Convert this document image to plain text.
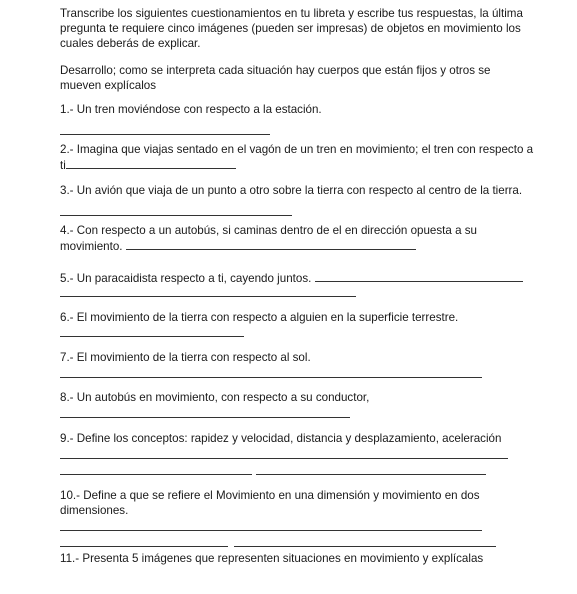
Transcribe los siguientes cuestionamientos en tu libreta y escribe tus respuestas, la última pregunta te requiere cinco imágenes (pueden ser impresas) de objetos en movimiento los cuales deberás de explicar.

Desarrollo; como se interpreta cada situación hay cuerpos que están fijos y otros se mueven explícalos

1.- Un tren moviéndose con respecto a la estación.

2.- Imagina que viajas sentado en el vagón de un tren en movimiento; el tren con respecto a ti

3.- Un avión que viaja de un punto a otro sobre la tierra con respecto al centro de la tierra.

4.- Con respecto a un autobús, si caminas dentro de el en dirección opuesta a su movimiento.
5.- Un paracaidista respecto a ti, cayendo juntos.

6.- El movimiento de la tierra con respecto a alguien en la superficie terrestre.

7.- El movimiento de la tierra con respecto al sol.

8.- Un autobús en movimiento, con respecto a su conductor,

9.- Define los conceptos: rapidez y velocidad, distancia y desplazamiento, aceleración

10.- Define a que se refiere el Movimiento en una dimensión y movimiento en dos dimensiones.

11.- Presenta 5 imágenes que representen situaciones en movimiento y explícalas
